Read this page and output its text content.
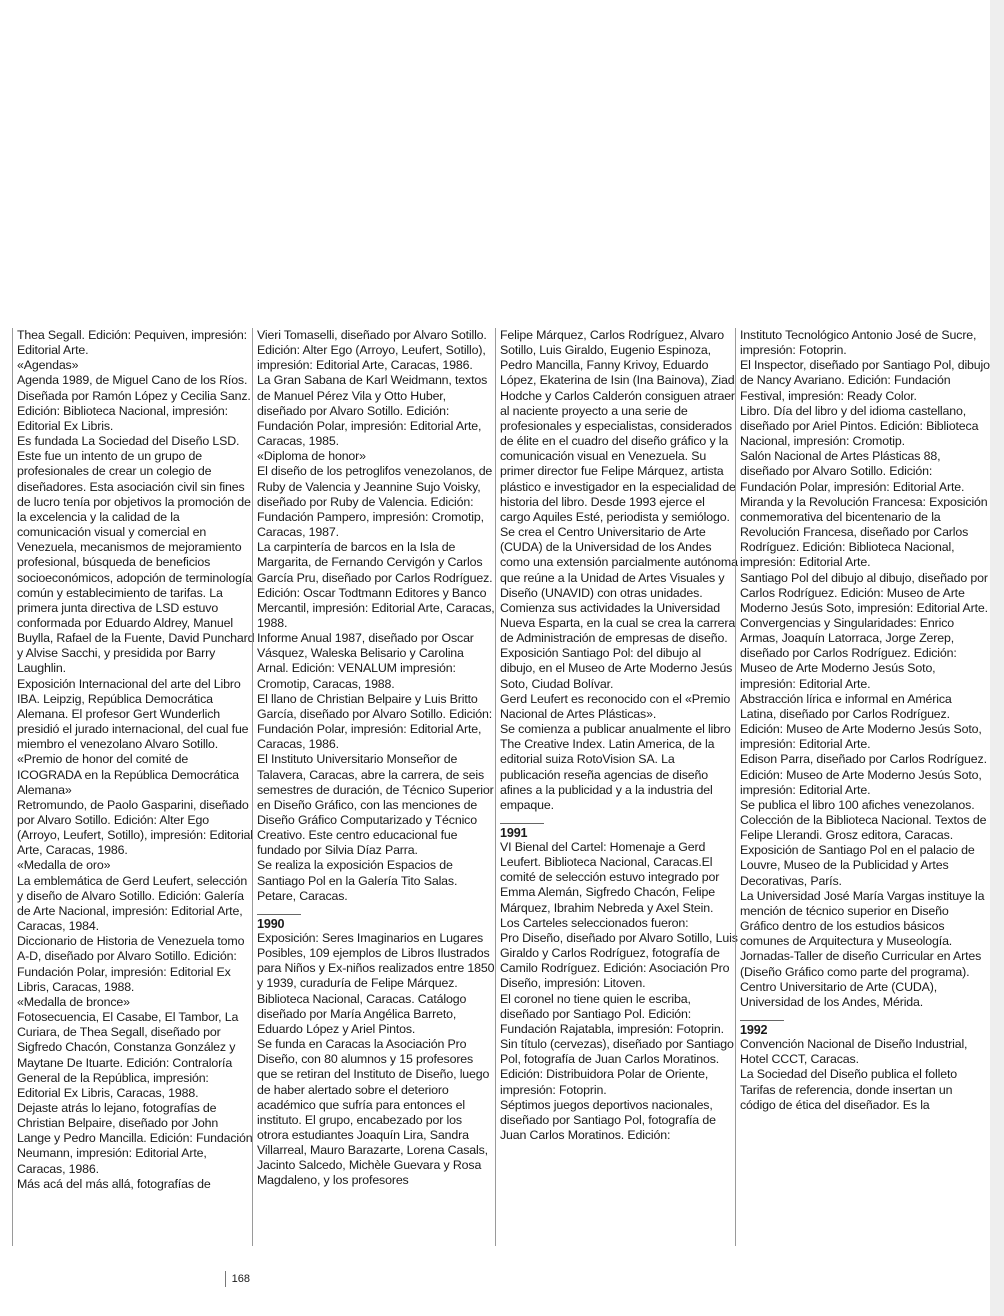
Thea Segall. Edición: Pequiven, impresión: Editorial Arte.

«Agendas»

Agenda 1989, de Miguel Cano de los Ríos. Diseñada por Ramón López y Cecilia Sanz. Edición: Biblioteca Nacional, impresión: Editorial Ex Libris.

Es fundada La Sociedad del Diseño LSD. Este fue un intento de un grupo de profesionales de crear un colegio de diseñadores. Esta asociación civil sin fines de lucro tenía por objetivos la promoción de la excelencia y la calidad de la comunicación visual y comercial en Venezuela, mecanismos de mejoramiento profesional, búsqueda de beneficios socioeconómicos, adopción de terminología común y establecimiento de tarifas. La primera junta directiva de LSD estuvo conformada por Eduardo Aldrey, Manuel Buylla, Rafael de la Fuente, David Punchard y Alvise Sacchi, y presidida por Barry Laughlin.

Exposición Internacional del arte del Libro IBA. Leipzig, República Democrática Alemana. El profesor Gert Wunderlich presidió el jurado internacional, del cual fue miembro el venezolano Alvaro Sotillo.

«Premio de honor del comité de ICOGRADA en la República Democrática Alemana»

Retromundo, de Paolo Gasparini, diseñado por Alvaro Sotillo. Edición: Alter Ego (Arroyo, Leufert, Sotillo), impresión: Editorial Arte, Caracas, 1986.

«Medalla de oro»

La emblemática de Gerd Leufert, selección y diseño de Alvaro Sotillo. Edición: Galería de Arte Nacional, impresión: Editorial Arte, Caracas, 1984.

Diccionario de Historia de Venezuela tomo A-D, diseñado por Alvaro Sotillo. Edición: Fundación Polar, impresión: Editorial Ex Libris, Caracas, 1988.

«Medalla de bronce»

Fotosecuencia, El Casabe, El Tambor, La Curiara, de Thea Segall, diseñado por Sigfredo Chacón, Constanza González y Maytane De Ituarte. Edición: Contraloría General de la República, impresión: Editorial Ex Libris, Caracas, 1988.

Dejaste atrás lo lejano, fotografías de Christian Belpaire, diseñado por John Lange y Pedro Mancilla. Edición: Fundación Neumann, impresión: Editorial Arte, Caracas, 1986.

Más acá del más allá, fotografías de

Vieri Tomaselli, diseñado por Alvaro Sotillo. Edición: Alter Ego (Arroyo, Leufert, Sotillo), impresión: Editorial Arte, Caracas, 1986.

La Gran Sabana de Karl Weidmann, textos de Manuel Pérez Vila y Otto Huber, diseñado por Alvaro Sotillo. Edición: Fundación Polar, impresión: Editorial Arte, Caracas, 1985.

«Diploma de honor»

El diseño de los petroglifos venezolanos, de Ruby de Valencia y Jeannine Sujo Voisky, diseñado por Ruby de Valencia. Edición: Fundación Pampero, impresión: Cromotip, Caracas, 1987.

La carpintería de barcos en la Isla de Margarita, de Fernando Cervigón y Carlos García Pru, diseñado por Carlos Rodríguez. Edición: Oscar Todtmann Editores y Banco Mercantil, impresión: Editorial Arte, Caracas, 1988.

Informe Anual 1987, diseñado por Oscar Vásquez, Waleska Belisario y Carolina Arnal. Edición: VENALUM impresión: Cromotip, Caracas, 1988.

El llano de Christian Belpaire y Luis Britto García, diseñado por Alvaro Sotillo. Edición: Fundación Polar, impresión: Editorial Arte, Caracas, 1986.

El Instituto Universitario Monseñor de Talavera, Caracas, abre la carrera, de seis semestres de duración, de Técnico Superior en Diseño Gráfico, con las menciones de Diseño Gráfico Computarizado y Técnico Creativo. Este centro educacional fue fundado por Silvia Díaz Parra.

Se realiza la exposición Espacios de Santiago Pol en la Galería Tito Salas. Petare, Caracas.

1990

Exposición: Seres Imaginarios en Lugares Posibles, 109 ejemplos de Libros Ilustrados para Niños y Ex-niños realizados entre 1850 y 1939, curaduría de Felipe Márquez. Biblioteca Nacional, Caracas. Catálogo diseñado por María Angélica Barreto, Eduardo López y Ariel Pintos.

Se funda en Caracas la Asociación Pro Diseño, con 80 alumnos y 15 profesores que se retiran del Instituto de Diseño, luego de haber alertado sobre el deterioro académico que sufría para entonces el instituto. El grupo, encabezado por los otrora estudiantes Joaquín Lira, Sandra Villarreal, Mauro Barazarte, Lorena Casals, Jacinto Salcedo, Michèle Guevara y Rosa Magdaleno, y los profesores

Felipe Márquez, Carlos Rodríguez, Alvaro Sotillo, Luis Giraldo, Eugenio Espinoza, Pedro Mancilla, Fanny Krivoy, Eduardo López, Ekaterina de Isin (Ina Bainova), Ziad Hodche y Carlos Calderón consiguen atraer al naciente proyecto a una serie de profesionales y especialistas, considerados de élite en el cuadro del diseño gráfico y la comunicación visual en Venezuela. Su primer director fue Felipe Márquez, artista plástico e investigador en la especialidad de historia del libro. Desde 1993 ejerce el cargo Aquiles Esté, periodista y semiólogo.

Se crea el Centro Universitario de Arte (CUDA) de la Universidad de los Andes como una extensión parcialmente autónoma que reúne a la Unidad de Artes Visuales y Diseño (UNAVID) con otras unidades.

Comienza sus actividades la Universidad Nueva Esparta, en la cual se crea la carrera de Administración de empresas de diseño.

Exposición Santiago Pol: del dibujo al dibujo, en el Museo de Arte Moderno Jesús Soto, Ciudad Bolívar.

Gerd Leufert es reconocido con el «Premio Nacional de Artes Plásticas».

Se comienza a publicar anualmente el libro The Creative Index. Latin America, de la editorial suiza RotoVision SA. La publicación reseña agencias de diseño afines a la publicidad y a la industria del empaque.

1991

VI Bienal del Cartel: Homenaje a Gerd Leufert. Biblioteca Nacional, Caracas.El comité de selección estuvo integrado por Emma Alemán, Sigfredo Chacón, Felipe Márquez, Ibrahim Nebreda y Axel Stein.

Los Carteles seleccionados fueron:

Pro Diseño, diseñado por Alvaro Sotillo, Luis Giraldo y Carlos Rodríguez, fotografía de Camilo Rodríguez. Edición: Asociación Pro Diseño, impresión: Litoven.

El coronel no tiene quien le escriba, diseñado por Santiago Pol. Edición: Fundación Rajatabla, impresión: Fotoprin.

Sin título (cervezas), diseñado por Santiago Pol, fotografía de Juan Carlos Moratinos. Edición: Distribuidora Polar de Oriente, impresión: Fotoprin.

Séptimos juegos deportivos nacionales, diseñado por Santiago Pol, fotografía de Juan Carlos Moratinos. Edición:

Instituto Tecnológico Antonio José de Sucre, impresión: Fotoprin.

El Inspector, diseñado por Santiago Pol, dibujo de Nancy Avariano. Edición: Fundación Festival, impresión: Ready Color.

Libro. Día del libro y del idioma castellano, diseñado por Ariel Pintos. Edición: Biblioteca Nacional, impresión: Cromotip.

Salón Nacional de Artes Plásticas 88, diseñado por Alvaro Sotillo. Edición: Fundación Polar, impresión: Editorial Arte.

Miranda y la Revolución Francesa: Exposición conmemorativa del bicentenario de la Revolución Francesa, diseñado por Carlos Rodríguez. Edición: Biblioteca Nacional, impresión: Editorial Arte.

Santiago Pol del dibujo al dibujo, diseñado por Carlos Rodríguez. Edición: Museo de Arte Moderno Jesús Soto, impresión: Editorial Arte.

Convergencias y Singularidades: Enrico Armas, Joaquín Latorraca, Jorge Zerep, diseñado por Carlos Rodríguez. Edición: Museo de Arte Moderno Jesús Soto, impresión: Editorial Arte.

Abstracción lírica e informal en América Latina, diseñado por Carlos Rodríguez. Edición: Museo de Arte Moderno Jesús Soto, impresión: Editorial Arte.

Edison Parra, diseñado por Carlos Rodríguez. Edición: Museo de Arte Moderno Jesús Soto, impresión: Editorial Arte.

Se publica el libro 100 afiches venezolanos. Colección de la Biblioteca Nacional. Textos de Felipe Llerandi. Grosz editora, Caracas.

Exposición de Santiago Pol en el palacio de Louvre, Museo de la Publicidad y Artes Decorativas, París.

La Universidad José María Vargas instituye la mención de técnico superior en Diseño Gráfico dentro de los estudios básicos comunes de Arquitectura y Museología.

Jornadas-Taller de diseño Curricular en Artes (Diseño Gráfico como parte del programa). Centro Universitario de Arte (CUDA), Universidad de los Andes, Mérida.

1992

Convención Nacional de Diseño Industrial, Hotel CCCT, Caracas.

La Sociedad del Diseño publica el folleto Tarifas de referencia, donde insertan un código de ética del diseñador. Es la

168
